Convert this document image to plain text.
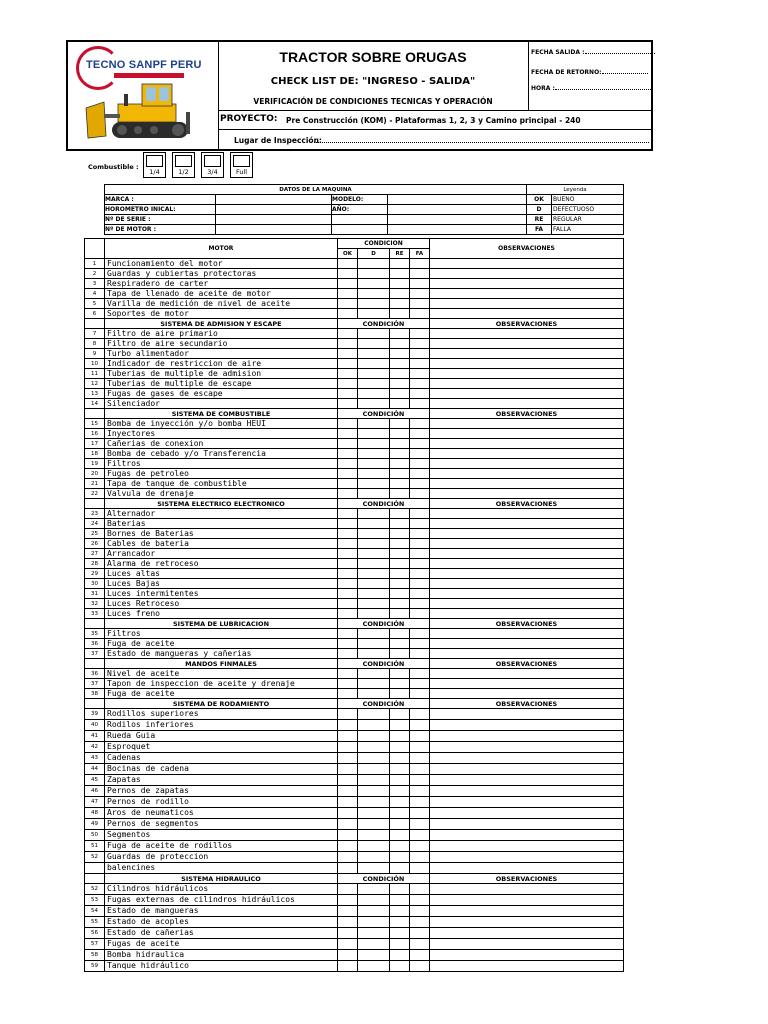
TECNO SANPF PERU	TRACTOR SOBRE ORUGAS
CHECK LIST DE: "INGRESO - SALIDA"
VERIFICACIÓN DE CONDICIONES TECNICAS Y OPERACIÓN
FECHA SALIDA :
FECHA DE RETORNO:
HORA :
PROYECTO: Pre Construcción (KOM) - Plataformas 1, 2, 3 y Camino principal - 240
Lugar de Inspección:
Combustible :
1/4	1/2	3/4	Full
DATOS DE LA MAQUINA				Leyenda	
MARCA :		MODELO:		OK	BUENO
HOROMETRO INICAL:		AÑO:		D	DEFECTUOSO
Nº DE SERIE :				RE	REGULAR
Nº DE MOTOR :				FA	FALLA
	MOTOR	CONDICION				OBSERVACIONES
		OK	D	RE	FA	
1	Funcionamiento del motor					
2	Guardas y cubiertas protectoras					
3	Respiradero de carter					
4	Tapa de llenado de aceite de motor					
5	Varilla de medición de nivel de aceite					
6	Soportes de motor					
	SISTEMA DE ADMISION Y ESCAPE	CONDICIÓN				OBSERVACIONES
7	Filtro de aire primario					
8	Filtro de aire secundario					
9	Turbo alimentador					
10	Indicador de restriccion de aire					
11	Tuberias de multiple de admision					
12	Tuberias de multiple de escape					
13	Fugas de gases de escape					
14	Silenciador					
	SISTEMA DE COMBUSTIBLE	CONDICIÓN				OBSERVACIONES
15	Bomba de inyección y/o bomba HEUI					
16	Inyectores					
17	Cañerias de conexion					
18	Bomba de cebado y/o Transferencia					
19	Filtros					
20	Fugas de petroleo					
21	Tapa de tanque de combustible					
22	Valvula de drenaje					
	SISTEMA ELECTRICO ELECTRONICO	CONDICIÓN				OBSERVACIONES
23	Alternador					
24	Baterias					
25	Bornes de Baterias					
26	Cables de bateria					
27	Arrancador					
28	Alarma de retroceso					
29	Luces altas					
30	Luces Bajas					
31	Luces intermitentes					
32	Luces Retroceso					
33	Luces freno					
	SISTEMA DE LUBRICACION	CONDICIÓN				OBSERVACIONES
35	Filtros					
36	Fuga de aceite					
37	Estado de mangueras y cañerias					
	MANDOS FINMALES	CONDICIÓN				OBSERVACIONES
36	Nivel de aceite					
37	Tapon de inspeccion de aceite y drenaje					
38	Fuga de aceite					
	SISTEMA DE RODAMIENTO	CONDICIÓN				OBSERVACIONES
39	Rodillos superiores					
40	Rodilos inferiores					
41	Rueda Guia					
42	Esproquet					
43	Cadenas					
44	Bocinas de cadena					
45	Zapatas					
46	Pernos de zapatas					
47	Pernos de rodillo					
48	Aros de neumaticos					
49	Pernos de segmentos					
50	Segmentos					
51	Fuga de aceite de rodillos					
52	Guardas de proteccion					
	balencines					
	SISTEMA HIDRAULICO	CONDICIÓN				OBSERVACIONES
52	Cilindros hidráulicos					
53	Fugas externas de cilindros hidráulicos					
54	Estado de mangueras					
55	Estado de acoples					
56	Estado de cañerias					
57	Fugas de aceite					
58	Bomba hidraulica					
59	Tanque hidráulico					
